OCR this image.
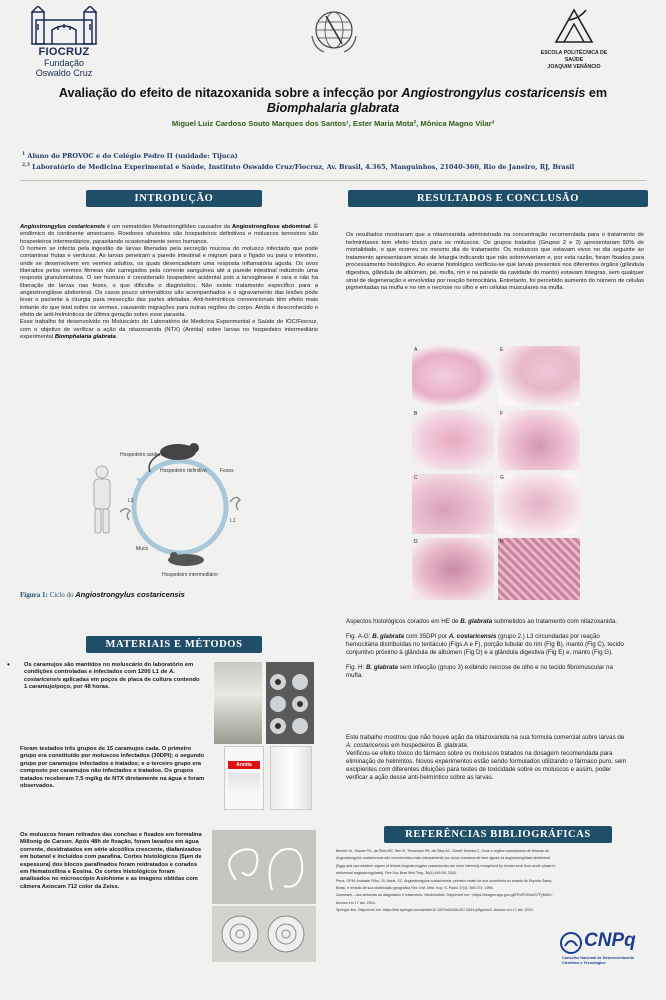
FIOCRUZ
Fundação Oswaldo Cruz
ESCOLA POLITÉCNICA DE SAÚDE
JOAQUIM VENÂNCIO
Avaliação do efeito de nitazoxanida sobre a infecção por Angiostrongylus costaricensis em Biomphalaria glabrata
Miguel Luiz Cardoso Souto Marques dos Santos¹, Ester Maria Mota², Mônica Magno Vilar³
$^1$ Aluno do PROVOC e do Colégio Pedro II (unidade: Tijuca)
$^{2,3}$ Laboratório de Medicina Experimental e Saúde, Instituto Oswaldo Cruz/Fiocruz, Av. Brasil, 4.365, Manguinhos, 21040-360, Rio de Janeiro, RJ, Brasil
INTRODUÇÃO

Angiostrongylus costaricensis é um nematódeo Metastrongilídeo causador da Angiostrongilose abdominal. É endêmico do continente americano. Roedores silvestres são hospedeiros definitivos e moluscos terrestres são hospedeiros intermediários, parasitando ocasionalmente seres humanos.

O homem se infecta pela ingestão de larvas liberadas pela secreção mucosa do molusco infectado que pode contaminar frutas e verduras. As larvas penetram a parede intestinal e migram para o fígado ou para o intestino, onde se desenvolvem em vermes adultos, os quais desencadeiam uma resposta inflamatória aguda. Os ovos liberados pelos vermes fêmeas são carregados pela corrente sanguínea até a parede intestinal induzindo uma resposta granulomatosa. O ser humano é considerado hospedeiro acidental pois a larvogênese é rara e não há liberação de larvas nas fezes, o que dificulta o diagnóstico. Não existe tratamento específico para a angiostrongilose abdominal. Os casos pouco sintomáticos são acompanhados e o agravamento das lesões pode levar o paciente à cirurgia para ressecção das partes afetadas. Anti-helmínticos convencionais têm efeito mais irritante do que letal sobre os vermes, causando migrações para outras regiões do corpo. Ainda é desconhecido o efeito de anti-helmínticos de última geração sobre esse parasita.

Esse trabalho foi desenvolvido no Moluscário do Laboratório de Medicina Experimental e Saúde do IOC/Fiocruz, com o objetivo de verificar a ação da nitazoxanida (NTX) (Annita) sobre larvas no hospedeiro intermediário experimental Biomphalaria glabrata.

Hospedeiro acidental
Hospedeiro definitivo	Fezes
L1
L3
Muco
Hospedeiro intermediário
Figura 1: Ciclo do Angiostrongylus costaricensis
MATERIAIS E MÉTODOS
• Os caramujos são mantidos no moluscário do laboratório em condições controladas e infectados com 1200 L1 de A. costaricensis aplicadas em poços de placa de cultura contendo 1 caramujo/poço, por 48 horas.
Foram testados três grupos de 15 caramujos cada. O primeiro grupo era constituído por moluscos infectados (30DPI); o segundo grupo por caramujos infectados e tratados; e o terceiro grupo era composto por caramujos não infectados e tratados. Os grupos tratados receberam 7,5 mg/kg de NTX diretamente na água e foram observados.
Annita
Os moluscos foram retirados das conchas e fixados em formalina Millonig de Carson. Após 48h de fixação, foram lavados em água corrente, desidratados em série alcoólica crescente, diafanizados em butanol e incluídos com parafina. Cortes histológicos (5μm de espessura) dos blocos parafinados foram reidratados e corados em Hematoxilina e Eosina. Os cortes histológicos foram analisados no microscópio Axiohome e as imagens obtidas com câmera Axiocam 712 color da Zeiss.
RESULTADOS E CONCLUSÃO
Os resultados mostraram que a nitazoxanida administrada na concentração recomendada para o tratamento de helmintíases tem efeito tóxico para os moluscos. Os grupos tratados (Grupos 2 e 3) apresentaram 50% de mortalidade, o que ocorreu no mesmo dia do tratamento. Os moluscos que estavam vivos no dia seguinte ao tratamento apresentaram sinais de letargia indicando que não sobreviveriam e, por esta razão, foram fixados para processamento histológico. Ao exame histológico verificou-se que larvas presentes nos diferentes órgãos (glândula digestiva, glândula de albúmen, pé, mufla, rim e na parede da cavidade do manto) estavam íntegras, sem qualquer sinal de degeneração e envolvidas por reação hemocitária. Entretanto, foi percebido aumento do número de células pigmentadas na mufla e no rim e necrose no olho e em células musculares na mufla.
A	E
B	F
C	G
D	H

Aspectos histológicos corados em HE de B. glabrata submetidos ao tratamento com nitazoxanida.

Fig. A-G: B. glabrata com 35DPI por A. costaricensis (grupo 2.) L3 circundadas por reação hemocitária distribuídas no tentáculo (Figs.A e F), porção tubular do rim (Fig B), manto (Fig C), tecido conjuntivo próximo à glândula de albúmen (Fig D) e a glândula digestiva (Fig E) e, manto (Fig G).

Fig. H: B. glabrata sem infecção (grupo 3) exibindo necrose de olho e no tecido fibromuscular na mufla.

Este trabalho mostrou que não houve ação da nitazoxanida na sua formula comercial sobre larvas de A. costaricensis em hospedeiros B. glabrata.

Verificou-se efeito tóxico do fármaco sobre os moluscos tratados na dosagem recomendada para eliminação de helmintos. Novos experimentos estão sendo formulados utilizando o fármaco puro, sem excipientes com diferentes diluições para testes de toxicidade sobre os moluscos e assim, poder verificar a ação desse anti-helmíntico sobre as larvas.

REFERÊNCIAS BIBLIOGRÁFICAS
Bender AL, Maurer RL, da Silva MC, Ben R, Terraciano PB, da Silva AC, Graeff-Teixeira C. Ovos e órgãos reprodutores de fêmeas de
Angiostrongylus costaricensis são reconhecidos mais intensamente por soros humanos de fase aguda na angiostrongilíase abdominal
[Eggs and reproductive organs of female Angiostrongylus costaricensis are more intensely recognized by human sera from acute phase in
abdominal angiostrongyliasis]. Rev Soc Bras Med Trop, 36(4):449-54, 2003.
Pena, GPM; Andrade Filho, JS; Assis, SC. Angiostrongylus costaricensis: primeiro relato de sua ocorrência no estado do Espírito Santo,
Brasil, e revisão de sua distribuição geográfica Rev. Inst. Med. trop. S. Paulo 37(4): 369-374, 1995.
Zoonoses – dos sintomas ao diagnóstico e tratamento- MedicinaNet. Disponível em: <https://images.app.goo.gl/EPwPDHcuiG7FyMK6>.
Acesso em 17 abr. 2024.
Springer link. Disponível em: https://link.springer.com/article/10.1007/s00436-007-0834-y/figures/1. Acesso em 17 abr. 2024.
CNPq
Conselho Nacional de Desenvolvimento
Científico e Tecnológico
